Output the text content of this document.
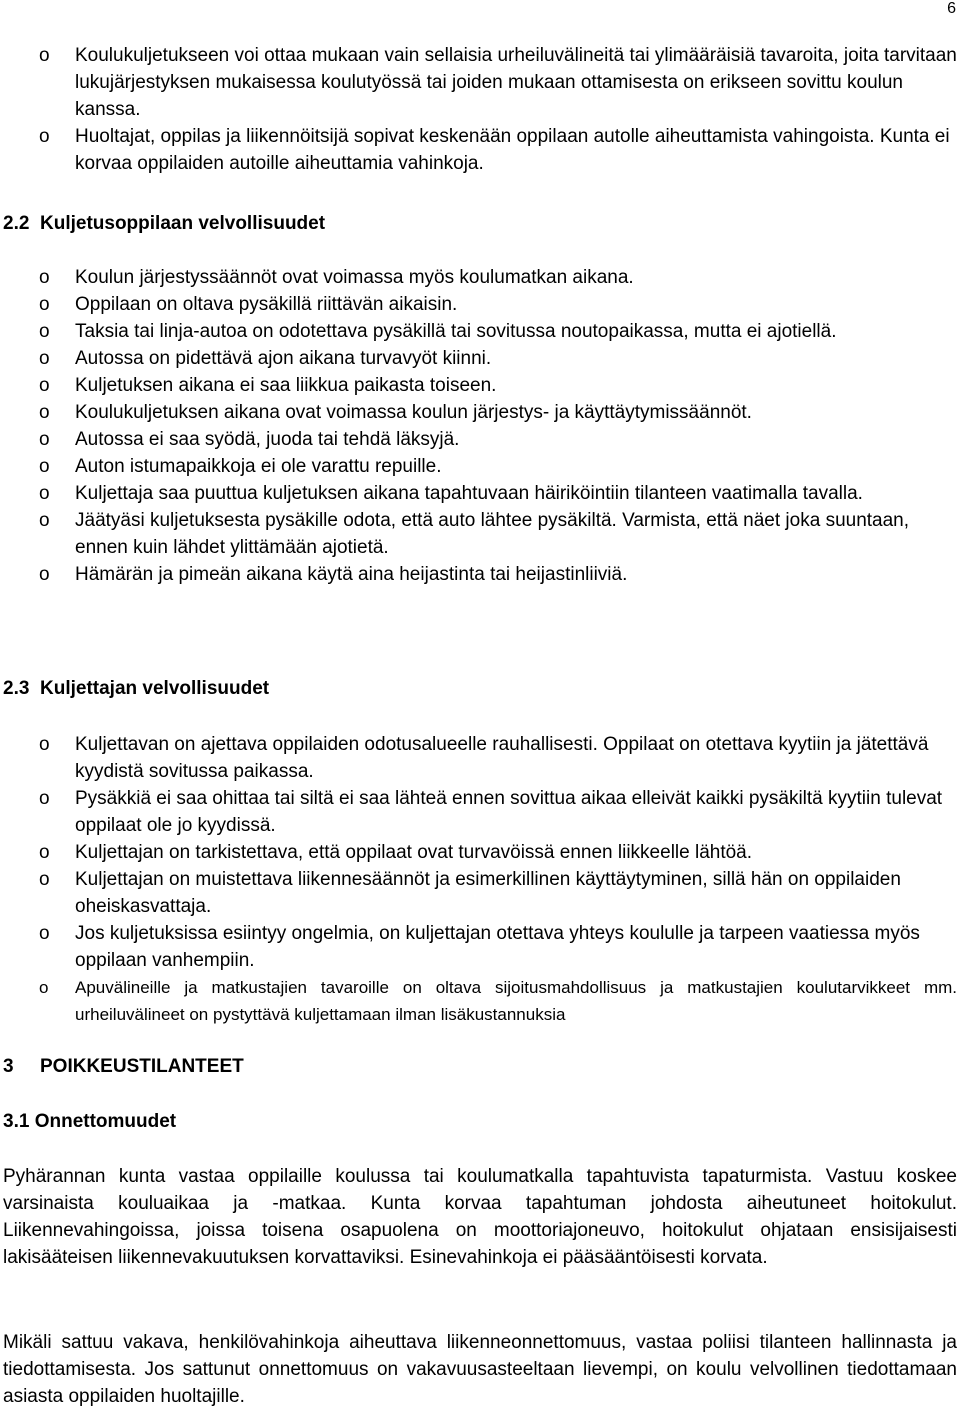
6
o Koulukuljetukseen voi ottaa mukaan vain sellaisia urheiluvälineitä tai ylimääräisiä tavaroita, joita tarvitaan lukujärjestyksen mukaisessa koulutyössä tai joiden mukaan ottamisesta on erikseen sovittu koulun kanssa.
o Huoltajat, oppilas ja liikennöitsijä sopivat keskenään oppilaan autolle aiheuttamista vahingoista. Kunta ei korvaa oppilaiden autoille aiheuttamia vahinkoja.
2.2 Kuljetusoppilaan velvollisuudet
o Koulun järjestyssäännöt ovat voimassa myös koulumatkan aikana.
o Oppilaan on oltava pysäkillä riittävän aikaisin.
o Taksia tai linja-autoa on odotettava pysäkillä tai sovitussa noutopaikassa, mutta ei ajotiellä.
o Autossa on pidettävä ajon aikana turvavyöt kiinni.
o Kuljetuksen aikana ei saa liikkua paikasta toiseen.
o Koulukuljetuksen aikana ovat voimassa koulun järjestys- ja käyttäytymissäännöt.
o Autossa ei saa syödä, juoda tai tehdä läksyjä.
o Auton istumapaikkoja ei ole varattu repuille.
o Kuljettaja saa puuttua kuljetuksen aikana tapahtuvaan häiriköintiin tilanteen vaatimalla tavalla.
o Jäätyäsi kuljetuksesta pysäkille odota, että auto lähtee pysäkiltä. Varmista, että näet joka suuntaan, ennen kuin lähdet ylittämään ajotietä.
o Hämärän ja pimeän aikana käytä aina heijastinta tai heijastinliiviä.
2.3 Kuljettajan velvollisuudet
o Kuljettavan on ajettava oppilaiden odotusalueelle rauhallisesti. Oppilaat on otettava kyytiin ja jätettävä kyydistä sovitussa paikassa.
o Pysäkkiä ei saa ohittaa tai siltä ei saa lähteä ennen sovittua aikaa elleivät kaikki pysäkiltä kyytiin tulevat oppilaat ole jo kyydissä.
o Kuljettajan on tarkistettava, että oppilaat ovat turvavöissä ennen liikkeelle lähtöä.
o Kuljettajan on muistettava liikennesäännöt ja esimerkillinen käyttäytyminen, sillä hän on oppilaiden oheiskasvattaja.
o Jos kuljetuksissa esiintyy ongelmia, on kuljettajan otettava yhteys koululle ja tarpeen vaatiessa myös oppilaan vanhempiin.
o Apuvälineille ja matkustajien tavaroille on oltava sijoitusmahdollisuus ja matkustajien koulutarvikkeet mm. urheiluvälineet on pystyttävä kuljettamaan ilman lisäkustannuksia
3 POIKKEUSTILANTEET
3.1 Onnettomuudet

Pyhärannan kunta vastaa oppilaille koulussa tai koulumatkalla tapahtuvista tapaturmista. Vastuu koskee varsinaista kouluaikaa ja -matkaa. Kunta korvaa tapahtuman johdosta aiheutuneet hoitokulut. Liikennevahingoissa, joissa toisena osapuolena on moottoriajoneuvo, hoitokulut ohjataan ensisijaisesti lakisääteisen liikennevakuutuksen korvattaviksi. Esinevahinkoja ei pääsääntöisesti korvata.

Mikäli sattuu vakava, henkilövahinkoja aiheuttava liikenneonnettomuus, vastaa poliisi tilanteen hallinnasta ja tiedottamisesta. Jos sattunut onnettomuus on vakavuusasteeltaan lievempi, on koulu velvollinen tiedottamaan asiasta oppilaiden huoltajille.
